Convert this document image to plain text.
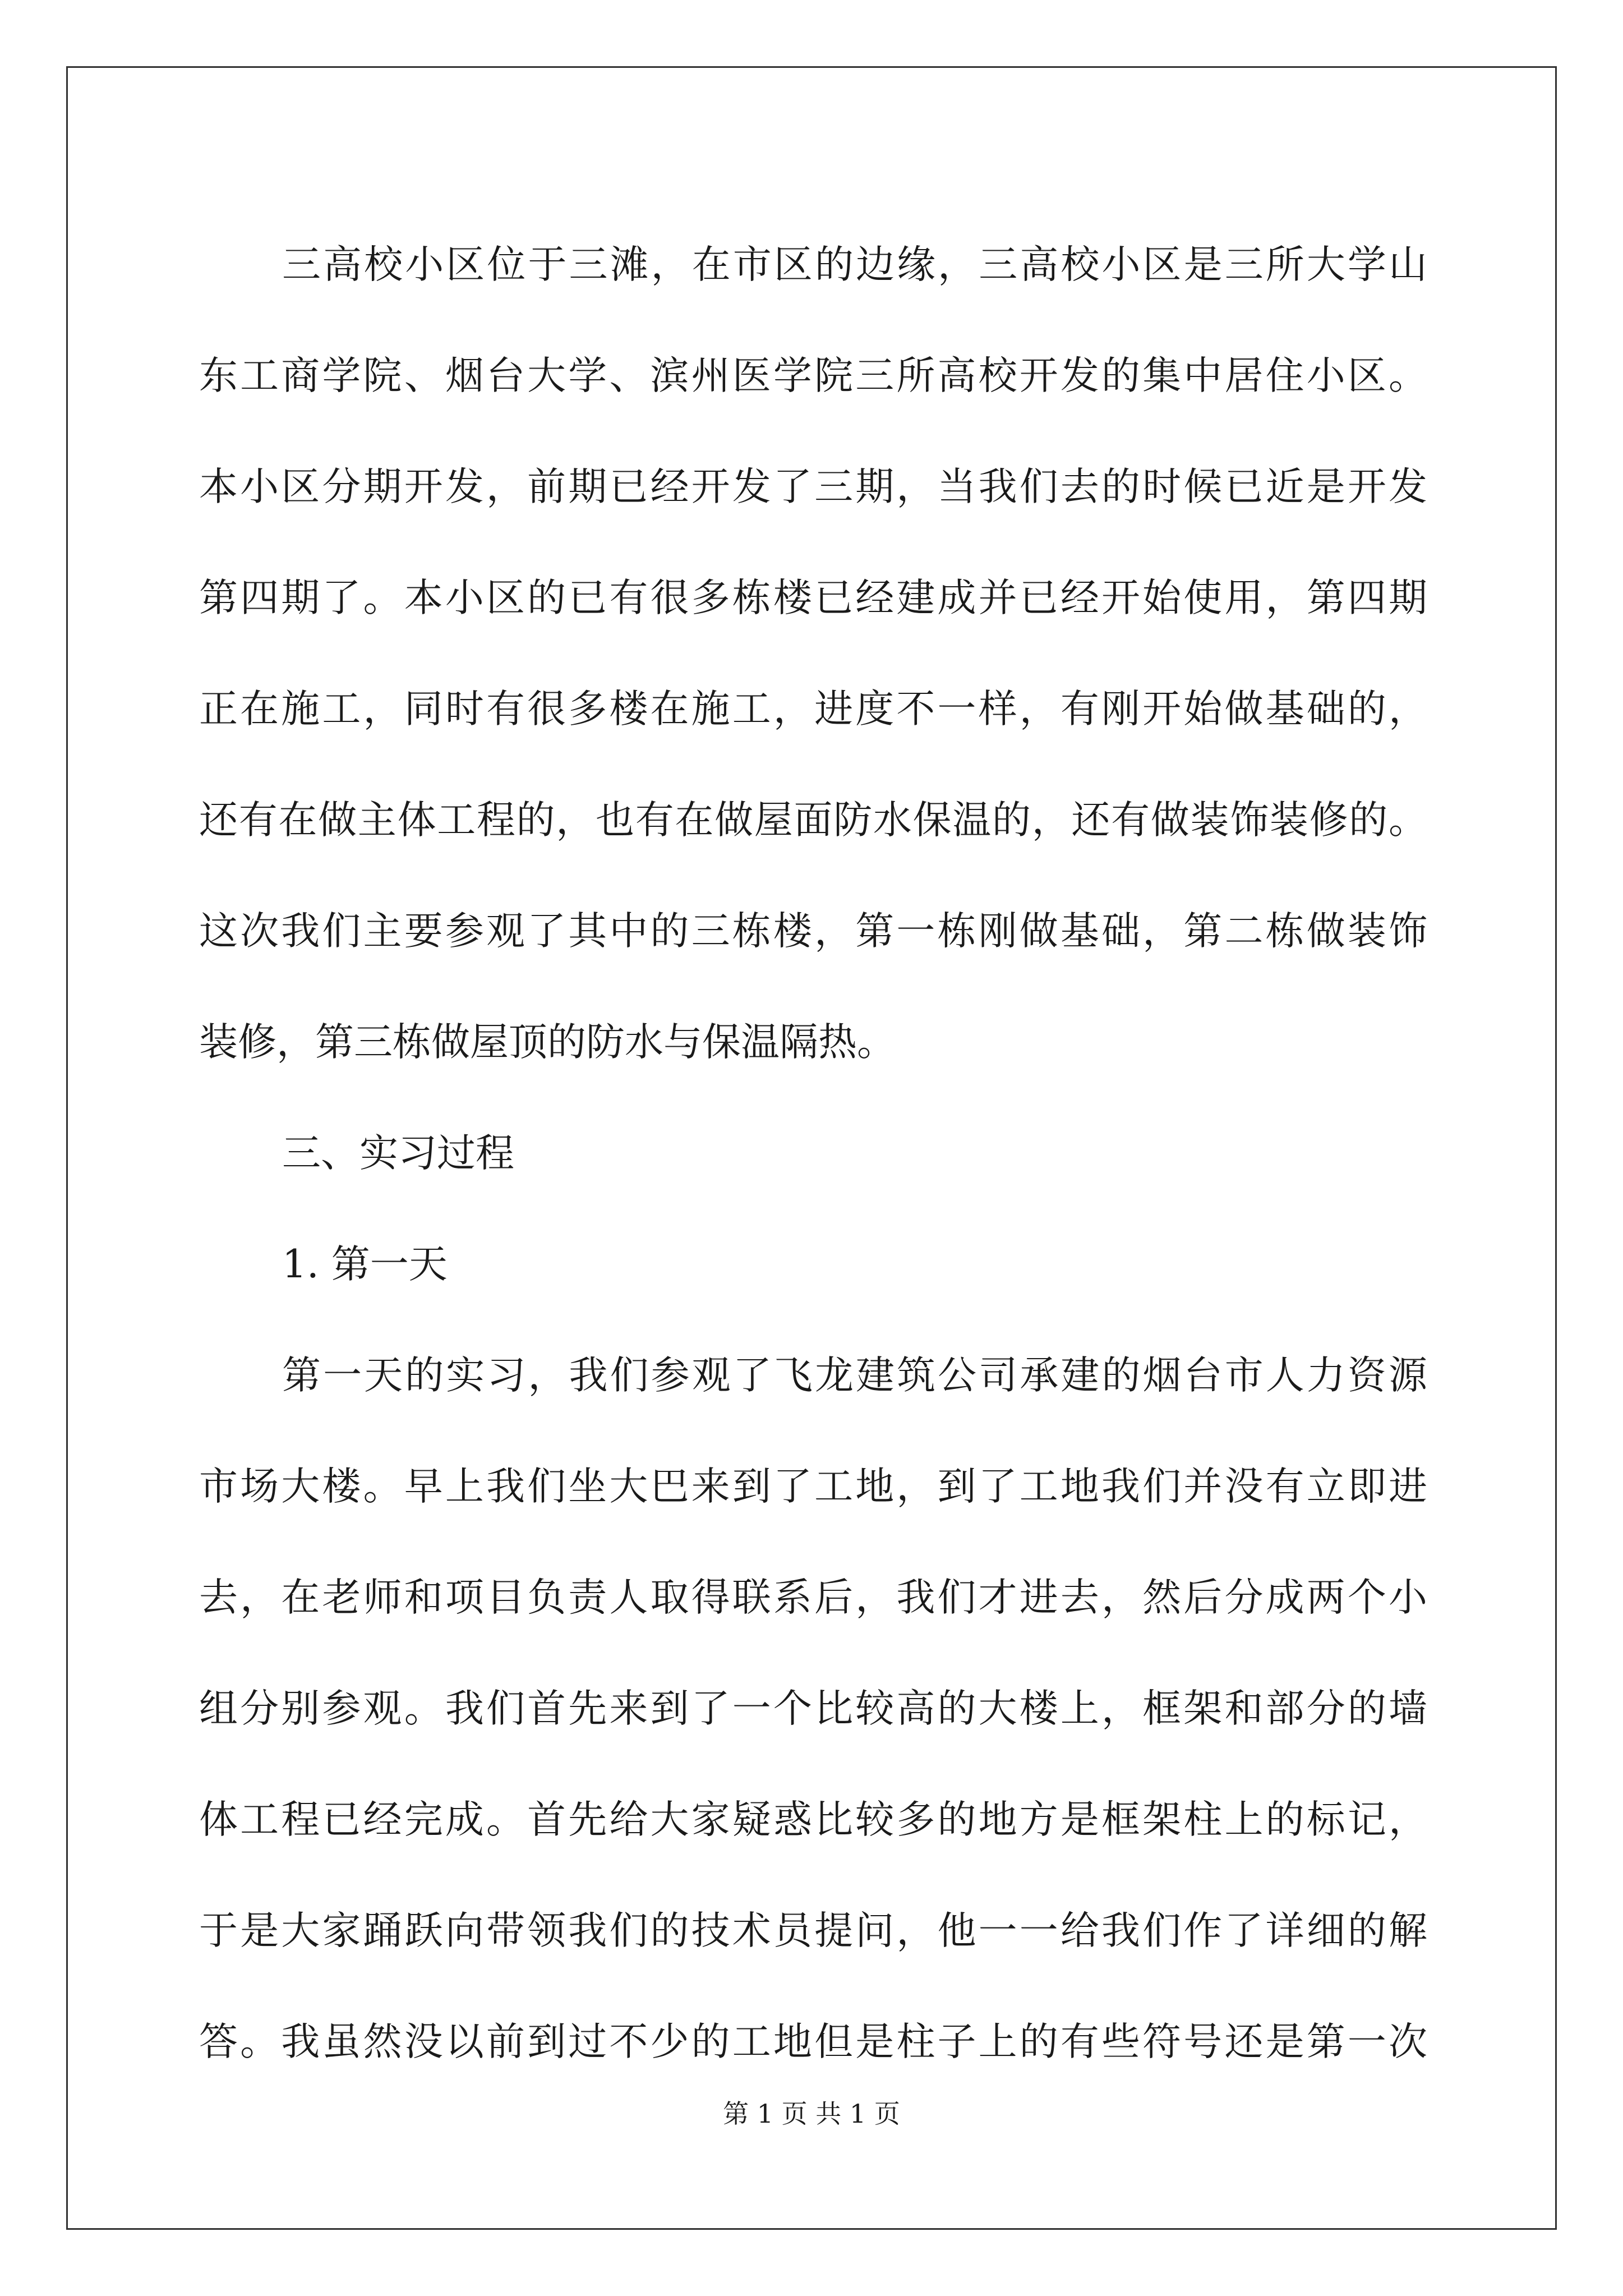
三高校小区位于三滩，在市区的边缘，三高校小区是三所大学山
东工商学院、烟台大学、滨州医学院三所高校开发的集中居住小区。
本小区分期开发，前期已经开发了三期，当我们去的时候已近是开发
第四期了。本小区的已有很多栋楼已经建成并已经开始使用，第四期
正在施工，同时有很多楼在施工，进度不一样，有刚开始做基础的，
还有在做主体工程的，也有在做屋面防水保温的，还有做装饰装修的。
这次我们主要参观了其中的三栋楼，第一栋刚做基础，第二栋做装饰
装修，第三栋做屋顶的防水与保温隔热。
三、实习过程
1. 第一天
第一天的实习，我们参观了飞龙建筑公司承建的烟台市人力资源
市场大楼。早上我们坐大巴来到了工地，到了工地我们并没有立即进
去，在老师和项目负责人取得联系后，我们才进去，然后分成两个小
组分别参观。我们首先来到了一个比较高的大楼上，框架和部分的墙
体工程已经完成。首先给大家疑惑比较多的地方是框架柱上的标记，
于是大家踊跃向带领我们的技术员提问，他一一给我们作了详细的解
答。我虽然没以前到过不少的工地但是柱子上的有些符号还是第一次
第 1 页 共 1 页
